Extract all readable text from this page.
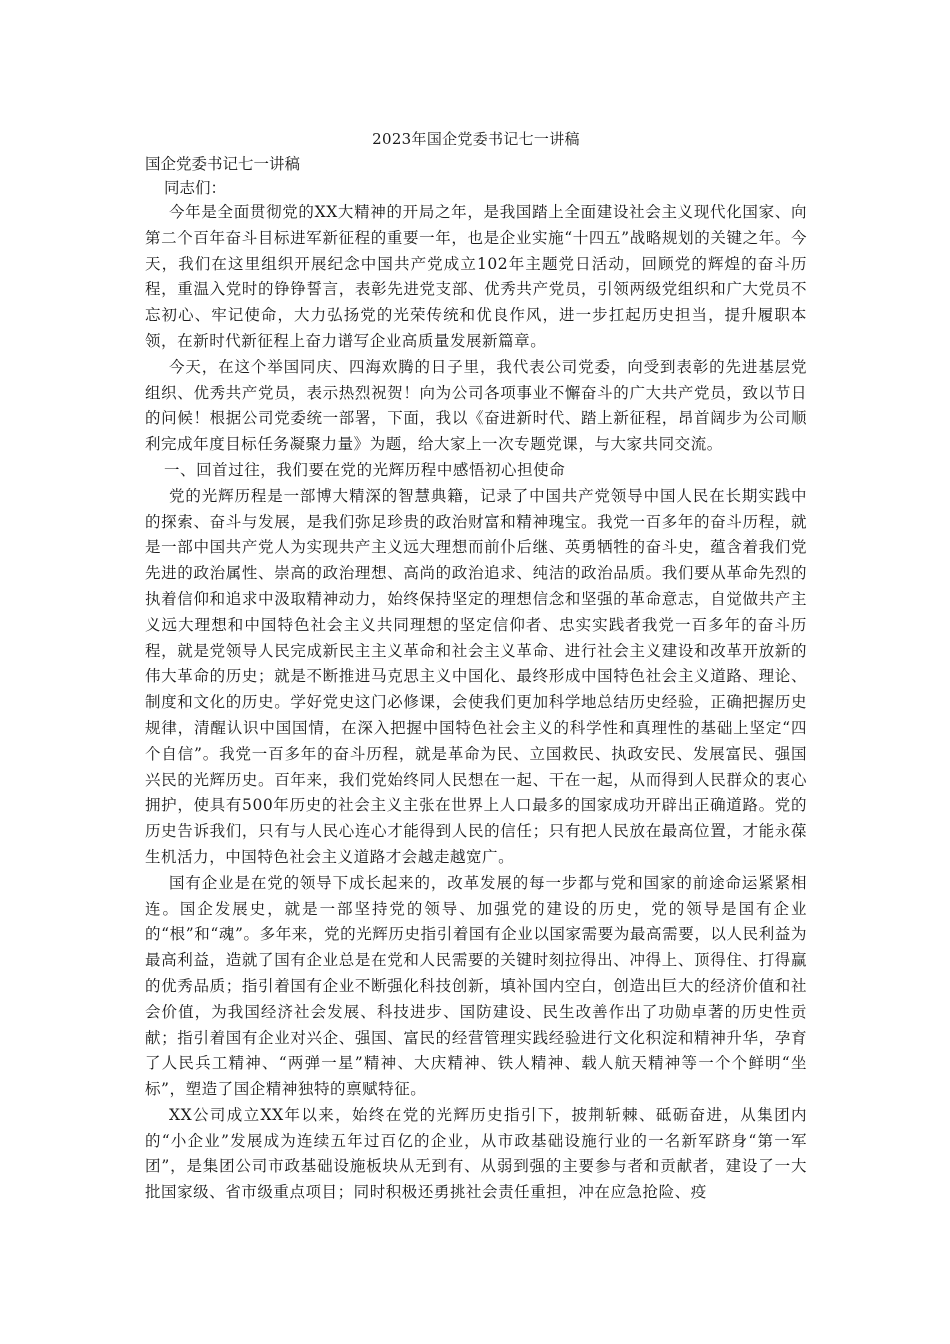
2023年国企党委书记七一讲稿

国企党委书记七一讲稿

同志们：

今年是全面贯彻党的XX大精神的开局之年，是我国踏上全面建设社会主义现代化国家、向第二个百年奋斗目标进军新征程的重要一年，也是企业实施“十四五”战略规划的关键之年。今天，我们在这里组织开展纪念中国共产党成立102年主题党日活动，回顾党的辉煌的奋斗历程，重温入党时的铮铮誓言，表彰先进党支部、优秀共产党员，引领两级党组织和广大党员不忘初心、牢记使命，大力弘扬党的光荣传统和优良作风，进一步扛起历史担当，提升履职本领，在新时代新征程上奋力谱写企业高质量发展新篇章。

今天，在这个举国同庆、四海欢腾的日子里，我代表公司党委，向受到表彰的先进基层党组织、优秀共产党员，表示热烈祝贺！向为公司各项事业不懈奋斗的广大共产党员，致以节日的问候！根据公司党委统一部署，下面，我以《奋进新时代、踏上新征程，昂首阔步为公司顺利完成年度目标任务凝聚力量》为题，给大家上一次专题党课，与大家共同交流。

一、回首过往，我们要在党的光辉历程中感悟初心担使命

党的光辉历程是一部博大精深的智慧典籍，记录了中国共产党领导中国人民在长期实践中的探索、奋斗与发展，是我们弥足珍贵的政治财富和精神瑰宝。我党一百多年的奋斗历程，就是一部中国共产党人为实现共产主义远大理想而前仆后继、英勇牺牲的奋斗史，蕴含着我们党先进的政治属性、崇高的政治理想、高尚的政治追求、纯洁的政治品质。我们要从革命先烈的执着信仰和追求中汲取精神动力，始终保持坚定的理想信念和坚强的革命意志，自觉做共产主义远大理想和中国特色社会主义共同理想的坚定信仰者、忠实实践者我党一百多年的奋斗历程，就是党领导人民完成新民主主义革命和社会主义革命、进行社会主义建设和改革开放新的伟大革命的历史；就是不断推进马克思主义中国化、最终形成中国特色社会主义道路、理论、制度和文化的历史。学好党史这门必修课，会使我们更加科学地总结历史经验，正确把握历史规律，清醒认识中国国情，在深入把握中国特色社会主义的科学性和真理性的基础上坚定“四个自信”。我党一百多年的奋斗历程，就是革命为民、立国救民、执政安民、发展富民、强国兴民的光辉历史。百年来，我们党始终同人民想在一起、干在一起，从而得到人民群众的衷心拥护，使具有500年历史的社会主义主张在世界上人口最多的国家成功开辟出正确道路。党的历史告诉我们，只有与人民心连心才能得到人民的信任；只有把人民放在最高位置，才能永葆生机活力，中国特色社会主义道路才会越走越宽广。

国有企业是在党的领导下成长起来的，改革发展的每一步都与党和国家的前途命运紧紧相连。国企发展史，就是一部坚持党的领导、加强党的建设的历史，党的领导是国有企业的“根”和“魂”。多年来，党的光辉历史指引着国有企业以国家需要为最高需要，以人民利益为最高利益，造就了国有企业总是在党和人民需要的关键时刻拉得出、冲得上、顶得住、打得赢的优秀品质；指引着国有企业不断强化科技创新，填补国内空白，创造出巨大的经济价值和社会价值，为我国经济社会发展、科技进步、国防建设、民生改善作出了功勋卓著的历史性贡献；指引着国有企业对兴企、强国、富民的经营管理实践经验进行文化积淀和精神升华，孕育了人民兵工精神、“两弹一星”精神、大庆精神、铁人精神、载人航天精神等一个个鲜明“坐标”，塑造了国企精神独特的禀赋特征。

XX公司成立XX年以来，始终在党的光辉历史指引下，披荆斩棘、砥砺奋进，从集团内的“小企业”发展成为连续五年过百亿的企业，从市政基础设施行业的一名新军跻身“第一军团”，是集团公司市政基础设施板块从无到有、从弱到强的主要参与者和贡献者，建设了一大批国家级、省市级重点项目；同时积极还勇挑社会责任重担，冲在应急抢险、疫
